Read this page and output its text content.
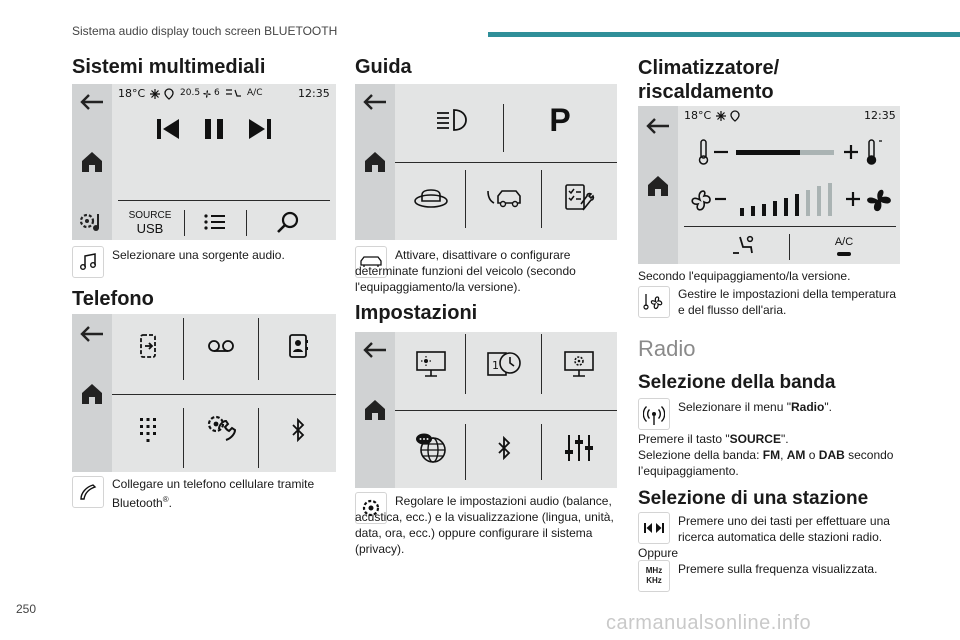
Sistema audio display touch screen BLUETOOTH
Sistemi multimediali
18°C	20.5 6	A/C	12:35
SOURCE
USB
Selezionare una sorgente audio.
Telefono
Collegare un telefono cellulare tramite Bluetooth®.
Guida
P

Attivare, disattivare o configurare determinate funzioni del veicolo (secondo l'equipaggiamento/la versione).

Impostazioni
1

Regolare le impostazioni audio (balance, acustica, ecc.) e la visualizzazione (lingua, unità, data, ora, ecc.) oppure configurare il sistema (privacy).

Climatizzatore/ riscaldamento
18°C	12:35
A/C

Secondo l'equipaggiamento/la versione.

Gestire le impostazioni della temperatura e del flusso dell'aria.
Radio
Selezione della banda
Selezionare il menu "Radio".

Premere il tasto "SOURCE".
Selezione della banda: FM, AM o DAB secondo l’equipaggiamento.

Selezione di una stazione
Premere uno dei tasti per effettuare una ricerca automatica delle stazioni radio.

Oppure

MHz
KHz
Premere sulla frequenza visualizzata.
250
carmanualsonline.info
